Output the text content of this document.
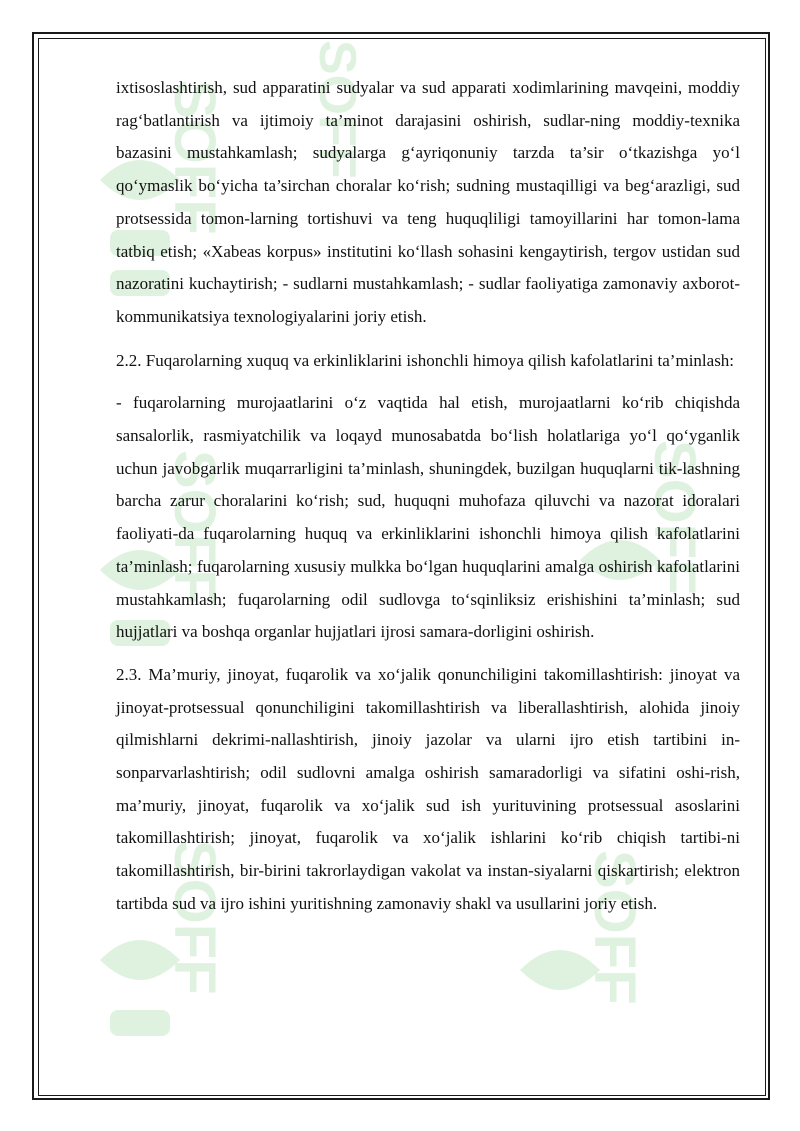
SOFF SOFF
SOFF	SOFF
SOFF	SOFF

ixtisoslashtirish, sud apparatini sudyalar va sud apparati xodimlarining mavqeini, moddiy rag‘batlantirish va ijtimoiy ta’minot darajasini oshirish, sudlar-ning moddiy-texnika bazasini mustahkamlash; sudyalarga g‘ayriqonuniy tarzda ta’sir o‘tkazishga yo‘l qo‘ymaslik bo‘yicha ta’sirchan choralar ko‘rish; sudning mustaqilligi va beg‘arazligi, sud protsessida tomon-larning tortishuvi va teng huquqliligi tamoyillarini har tomon-lama tatbiq etish; «Xabeas korpus» institutini ko‘llash sohasini kengaytirish, tergov ustidan sud nazoratini kuchaytirish; - sudlarni mustahkamlash; - sudlar faoliyatiga zamonaviy axborot-kommunikatsiya texnologiyalarini joriy etish.

2.2. Fuqarolarning xuquq va erkinliklarini ishonchli himoya qilish kafolatlarini ta’minlash:

- fuqarolarning murojaatlarini o‘z vaqtida hal etish, murojaatlarni ko‘rib chiqishda sansalorlik, rasmiyatchilik va loqayd munosabatda bo‘lish holatlariga yo‘l qo‘yganlik uchun javobgarlik muqarrarligini ta’minlash, shuningdek, buzilgan huquqlarni tik-lashning barcha zarur choralarini ko‘rish; sud, huquqni muhofaza qiluvchi va nazorat idoralari faoliyati-da fuqarolarning huquq va erkinliklarini ishonchli himoya qilish kafolatlarini ta’minlash; fuqarolarning xususiy mulkka bo‘lgan huquqlarini amalga oshirish kafolatlarini mustahkamlash; fuqarolarning odil sudlovga to‘sqinliksiz erishishini ta’minlash; sud hujjatlari va boshqa organlar hujjatlari ijrosi samara-dorligini oshirish.

2.3. Ma’muriy, jinoyat, fuqarolik va xo‘jalik qonunchiligini takomillashtirish: jinoyat va jinoyat-protsessual qonunchiligini takomillashtirish va liberallashtirish, alohida jinoiy qilmishlarni dekrimi-nallashtirish, jinoiy jazolar va ularni ijro etish tartibini in-sonparvarlashtirish; odil sudlovni amalga oshirish samaradorligi va sifatini oshi-rish, ma’muriy, jinoyat, fuqarolik va xo‘jalik sud ish yurituvining protsessual asoslarini takomillashtirish; jinoyat, fuqarolik va xo‘jalik ishlarini ko‘rib chiqish tartibi-ni takomillashtirish, bir-birini takrorlaydigan vakolat va instan-siyalarni qiskartirish; elektron tartibda sud va ijro ishini yuritishning zamonaviy shakl va usullarini joriy etish.
